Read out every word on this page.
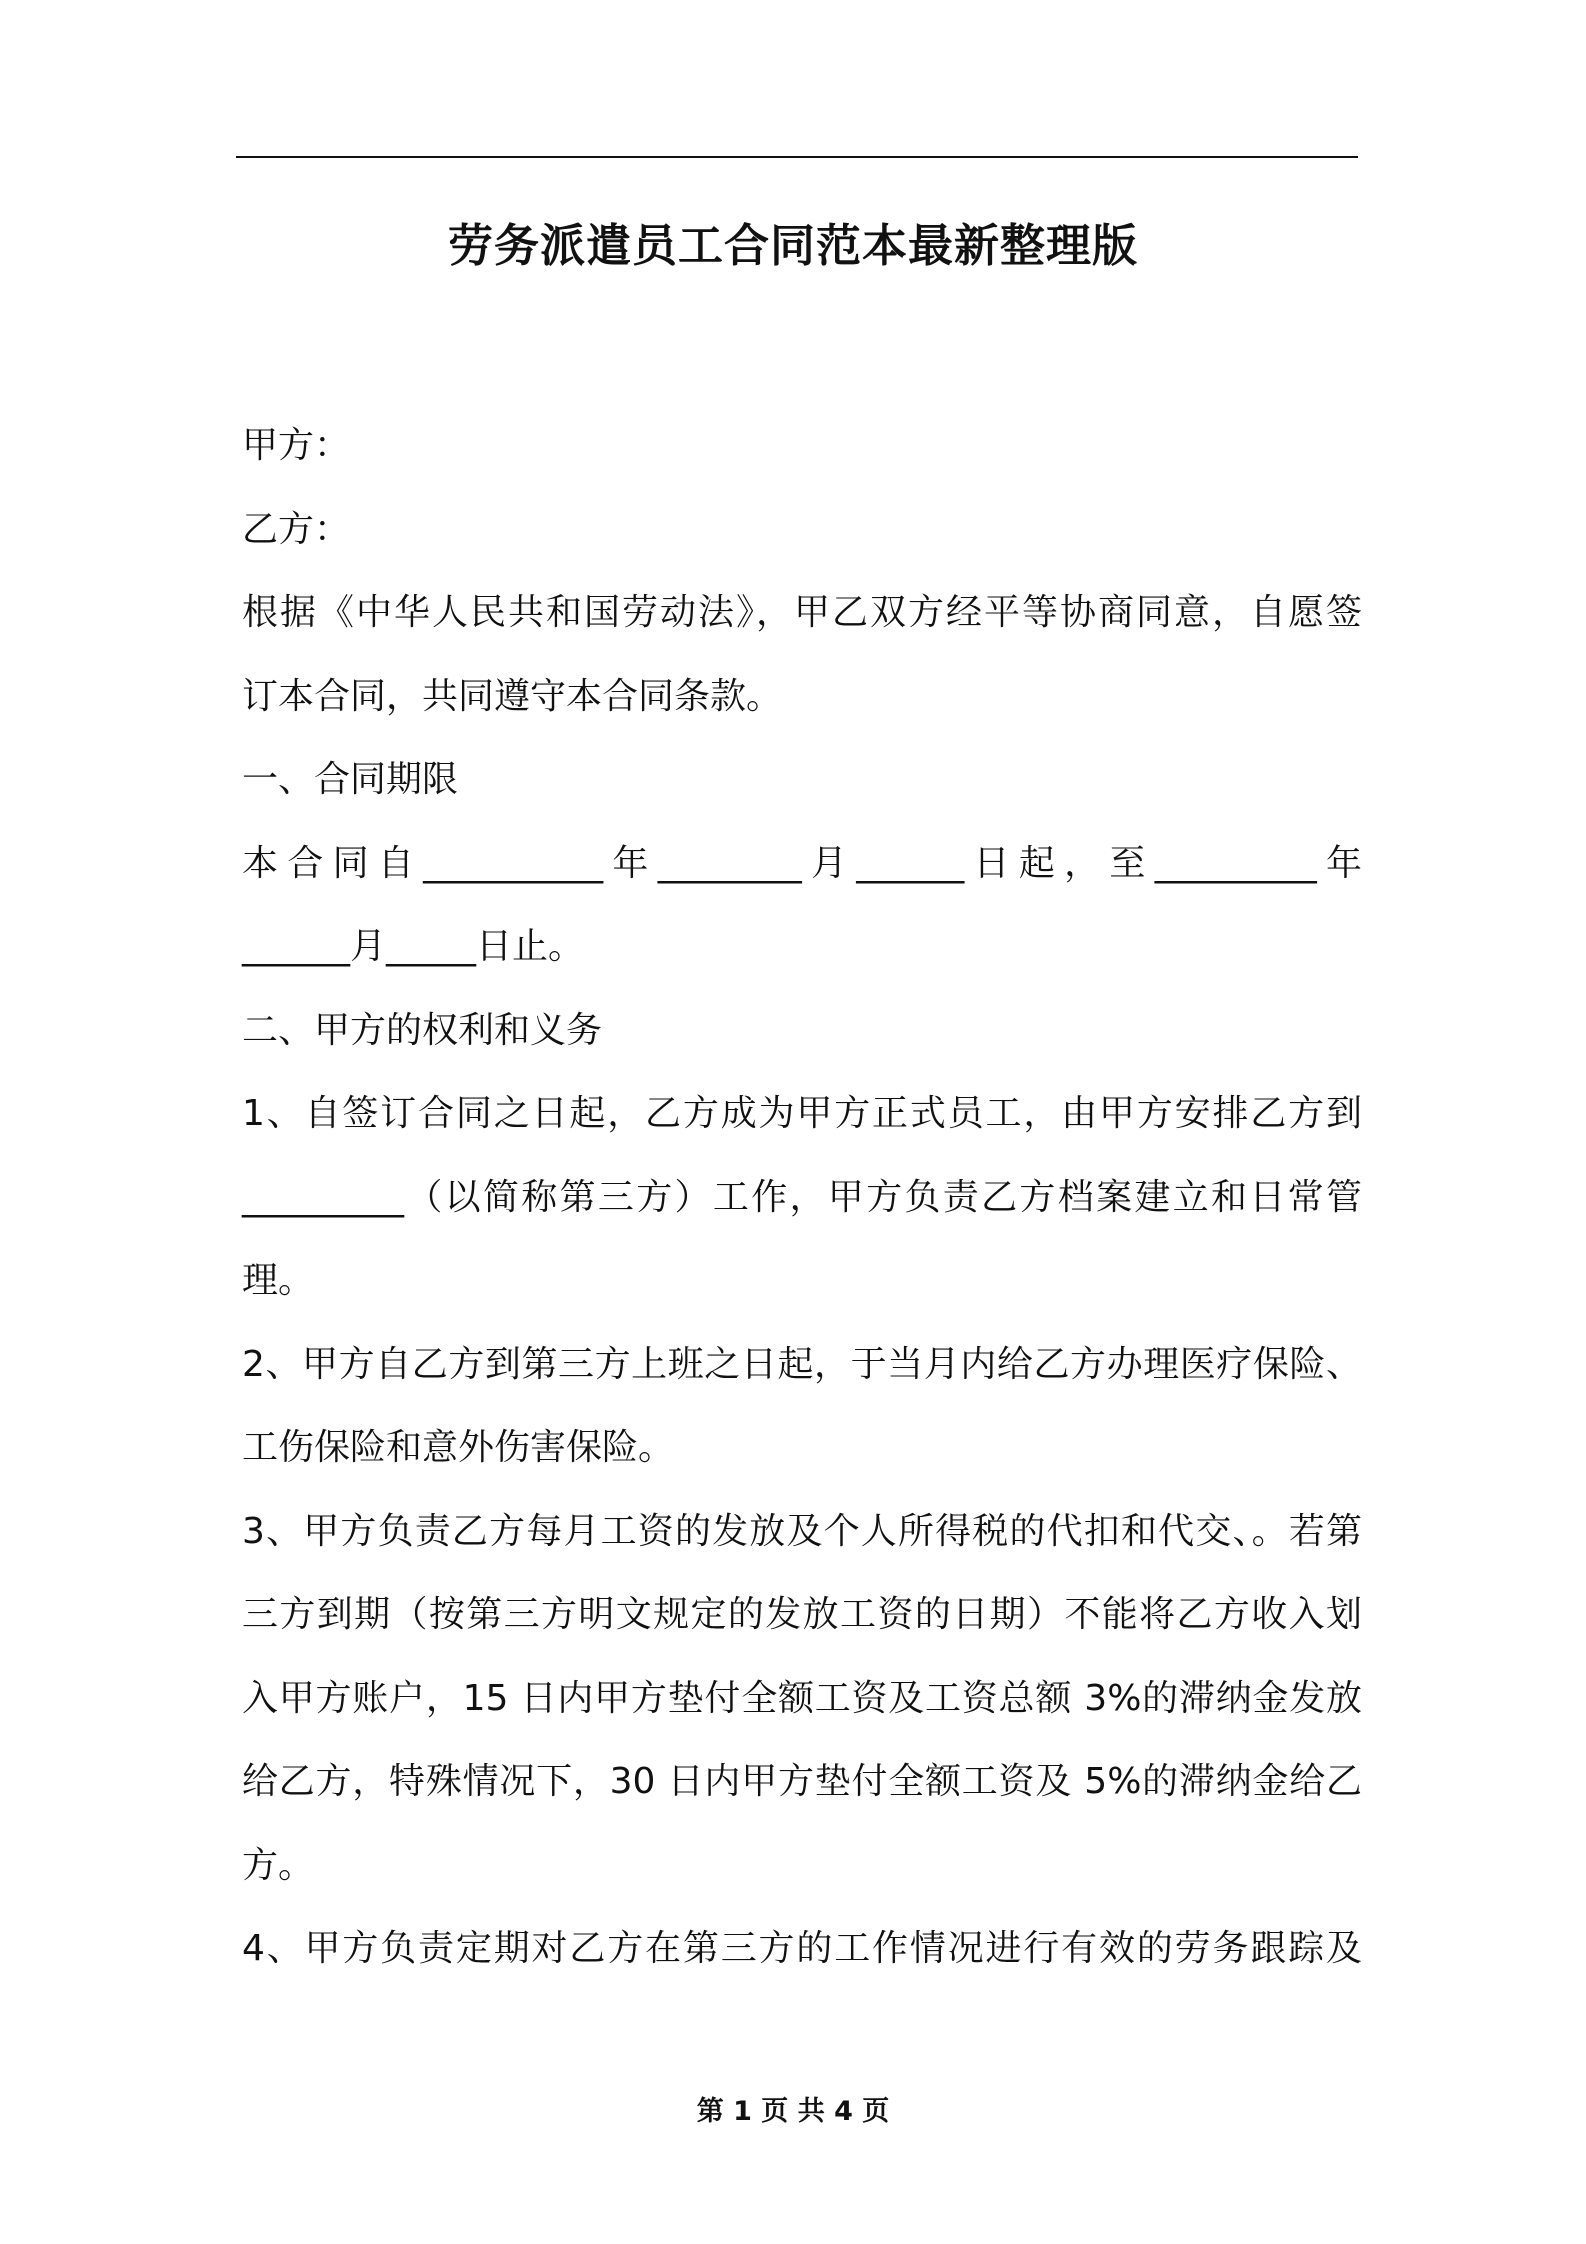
劳务派遣员工合同范本最新整理版
甲方：
乙方：
根据《中华人民共和国劳动法》，甲乙双方经平等协商同意，自愿签
订本合同，共同遵守本合同条款。
一、合同期限
本合同自__________年________月______日起，至_________年
______月_____日止。
二、甲方的权利和义务
1、自签订合同之日起，乙方成为甲方正式员工，由甲方安排乙方到
_________（以简称第三方）工作，甲方负责乙方档案建立和日常管
理。
2、甲方自乙方到第三方上班之日起，于当月内给乙方办理医疗保险、
工伤保险和意外伤害保险。
3、甲方负责乙方每月工资的发放及个人所得税的代扣和代交、。若第
三方到期（按第三方明文规定的发放工资的日期）不能将乙方收入划
入甲方账户，15 日内甲方垫付全额工资及工资总额 3%的滞纳金发放
给乙方，特殊情况下，30 日内甲方垫付全额工资及 5%的滞纳金给乙
方。
4、甲方负责定期对乙方在第三方的工作情况进行有效的劳务跟踪及
第 1 页 共 4 页
